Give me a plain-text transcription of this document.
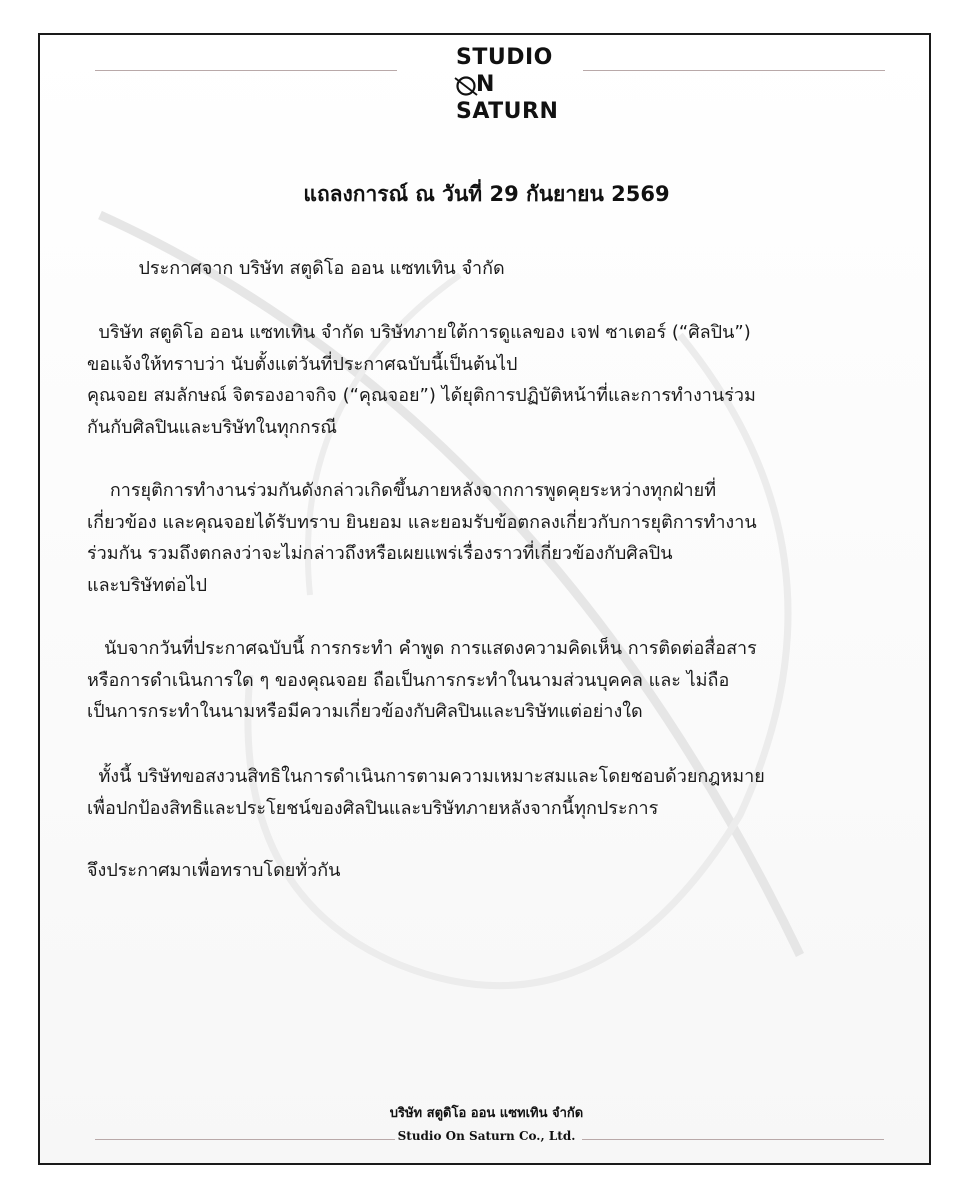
STUDIO
N
SATURN
แถลงการณ์ ณ วันที่ 29 กันยายน 2569
ประกาศจาก บริษัท สตูดิโอ ออน แซทเทิน จำกัด
บริษัท สตูดิโอ ออน แซทเทิน จำกัด บริษัทภายใต้การดูแลของ เจฟ ซาเตอร์ (“ศิลปิน”)
ขอแจ้งให้ทราบว่า นับตั้งแต่วันที่ประกาศฉบับนี้เป็นต้นไป
คุณจอย สมลักษณ์ จิตรองอาจกิจ (“คุณจอย”) ได้ยุติการปฏิบัติหน้าที่และการทำงานร่วม
กันกับศิลปินและบริษัทในทุกกรณี
การยุติการทำงานร่วมกันดังกล่าวเกิดขึ้นภายหลังจากการพูดคุยระหว่างทุกฝ่ายที่
เกี่ยวข้อง และคุณจอยได้รับทราบ ยินยอม และยอมรับข้อตกลงเกี่ยวกับการยุติการทำงาน
ร่วมกัน รวมถึงตกลงว่าจะไม่กล่าวถึงหรือเผยแพร่เรื่องราวที่เกี่ยวข้องกับศิลปิน
และบริษัทต่อไป
นับจากวันที่ประกาศฉบับนี้ การกระทำ คำพูด การแสดงความคิดเห็น การติดต่อสื่อสาร
หรือการดำเนินการใด ๆ ของคุณจอย ถือเป็นการกระทำในนามส่วนบุคคล และ ไม่ถือ
เป็นการกระทำในนามหรือมีความเกี่ยวข้องกับศิลปินและบริษัทแต่อย่างใด
ทั้งนี้ บริษัทขอสงวนสิทธิในการดำเนินการตามความเหมาะสมและโดยชอบด้วยกฎหมาย
เพื่อปกป้องสิทธิและประโยชน์ของศิลปินและบริษัทภายหลังจากนี้ทุกประการ
จึงประกาศมาเพื่อทราบโดยทั่วกัน
บริษัท สตูดิโอ ออน แซทเทิน จำกัด
Studio On Saturn Co., Ltd.
